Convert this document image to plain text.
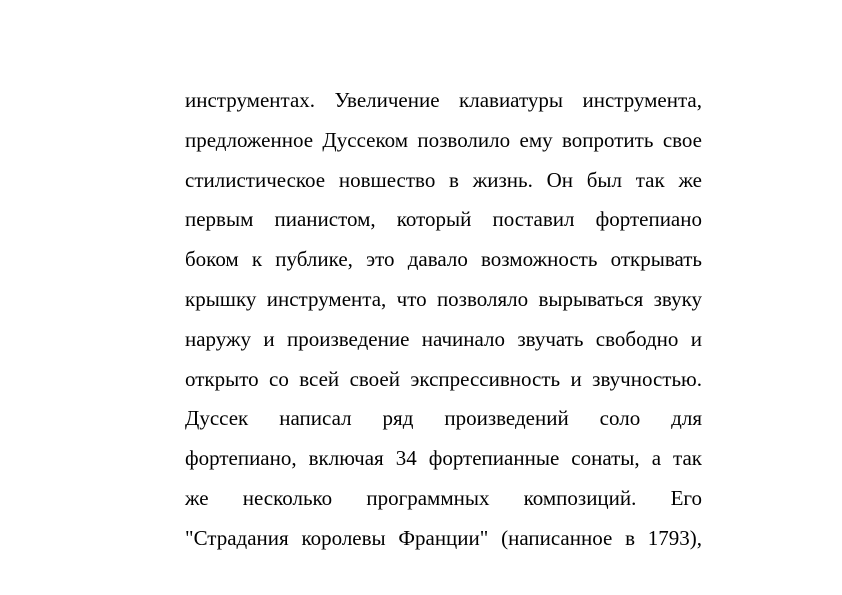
инструментах. Увеличение клавиатуры инструмента,
предложенное Дуссеком позволило ему вопротить свое
стилистическое новшество в жизнь. Он был так же
первым пианистом, который поставил фортепиано
боком к публике, это давало возможность открывать
крышку инструмента, что позволяло вырываться звуку
наружу и произведение начинало звучать свободно и
открыто со всей своей экспрессивность и звучностью.
Дуссек написал ряд произведений соло для
фортепиано, включая 34 фортепианные сонаты, а так
же несколько программных композиций. Его
"Страдания королевы Франции" (написанное в 1793),
